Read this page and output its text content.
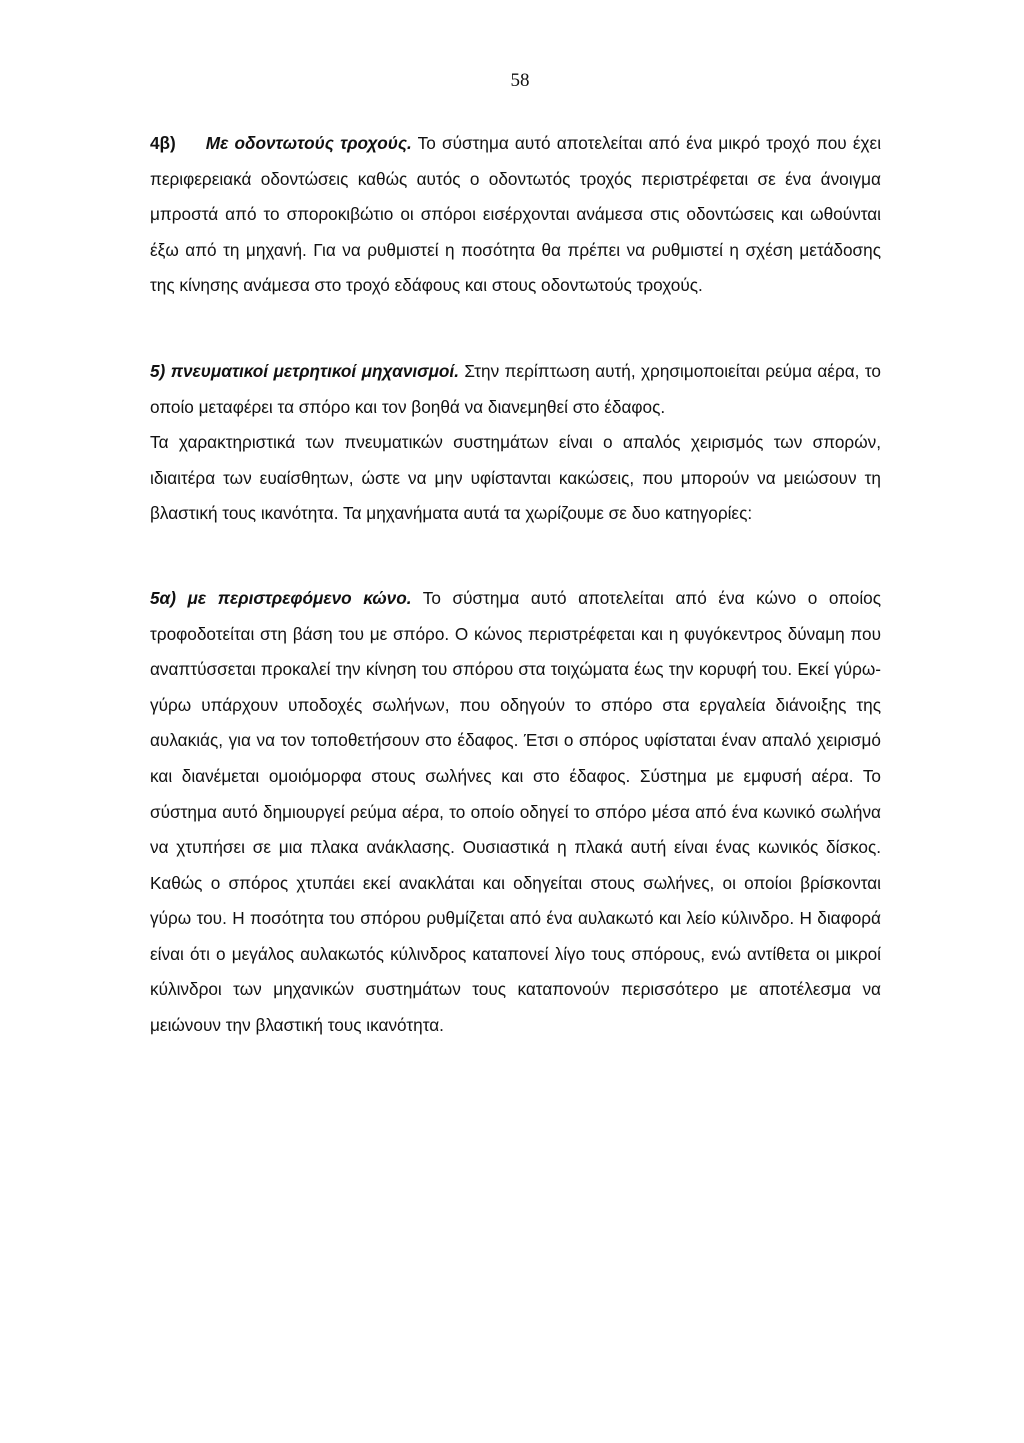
58

4β) Με οδοντωτούς τροχούς. Το σύστημα αυτό αποτελείται από ένα μικρό τροχό που έχει περιφερειακά οδοντώσεις καθώς αυτός ο οδοντωτός τροχός περιστρέφεται σε ένα άνοιγμα μπροστά από το σποροκιβώτιο οι σπόροι εισέρχονται ανάμεσα στις οδοντώσεις και ωθούνται έξω από τη μηχανή. Για να ρυθμιστεί η ποσότητα θα πρέπει να ρυθμιστεί η σχέση μετάδοσης της κίνησης ανάμεσα στο τροχό εδάφους και στους οδοντωτούς τροχούς.

5) πνευματικοί μετρητικοί μηχανισμοί. Στην περίπτωση αυτή, χρησιμοποιείται ρεύμα αέρα, το οποίο μεταφέρει τα σπόρο και τον βοηθά να διανεμηθεί στο έδαφος.

Τα χαρακτηριστικά των πνευματικών συστημάτων είναι ο απαλός χειρισμός των σπορών, ιδιαιτέρα των ευαίσθητων, ώστε να μην υφίστανται κακώσεις, που μπορούν να μειώσουν τη βλαστική τους ικανότητα. Τα μηχανήματα αυτά τα χωρίζουμε σε δυο κατηγορίες:

5α) με περιστρεφόμενο κώνο. Το σύστημα αυτό αποτελείται από ένα κώνο ο οποίος τροφοδοτείται στη βάση του με σπόρο. Ο κώνος περιστρέφεται και η φυγόκεντρος δύναμη που αναπτύσσεται προκαλεί την κίνηση του σπόρου στα τοιχώματα έως την κορυφή του. Εκεί γύρω-γύρω υπάρχουν υποδοχές σωλήνων, που οδηγούν το σπόρο στα εργαλεία διάνοιξης της αυλακιάς, για να τον τοποθετήσουν στο έδαφος. Έτσι ο σπόρος υφίσταται έναν απαλό χειρισμό και διανέμεται ομοιόμορφα στους σωλήνες και στο έδαφος. Σύστημα με εμφυσή αέρα. Το σύστημα αυτό δημιουργεί ρεύμα αέρα, το οποίο οδηγεί το σπόρο μέσα από ένα κωνικό σωλήνα να χτυπήσει σε μια πλακα ανάκλασης. Ουσιαστικά η πλακά αυτή είναι ένας κωνικός δίσκος. Καθώς ο σπόρος χτυπάει εκεί ανακλάται και οδηγείται στους σωλήνες, οι οποίοι βρίσκονται γύρω του. Η ποσότητα του σπόρου ρυθμίζεται από ένα αυλακωτό και λείο κύλινδρο. Η διαφορά είναι ότι ο μεγάλος αυλακωτός κύλινδρος καταπονεί λίγο τους σπόρους, ενώ αντίθετα οι μικροί κύλινδροι των μηχανικών συστημάτων τους καταπονούν περισσότερο με αποτέλεσμα να μειώνουν την βλαστική τους ικανότητα.
